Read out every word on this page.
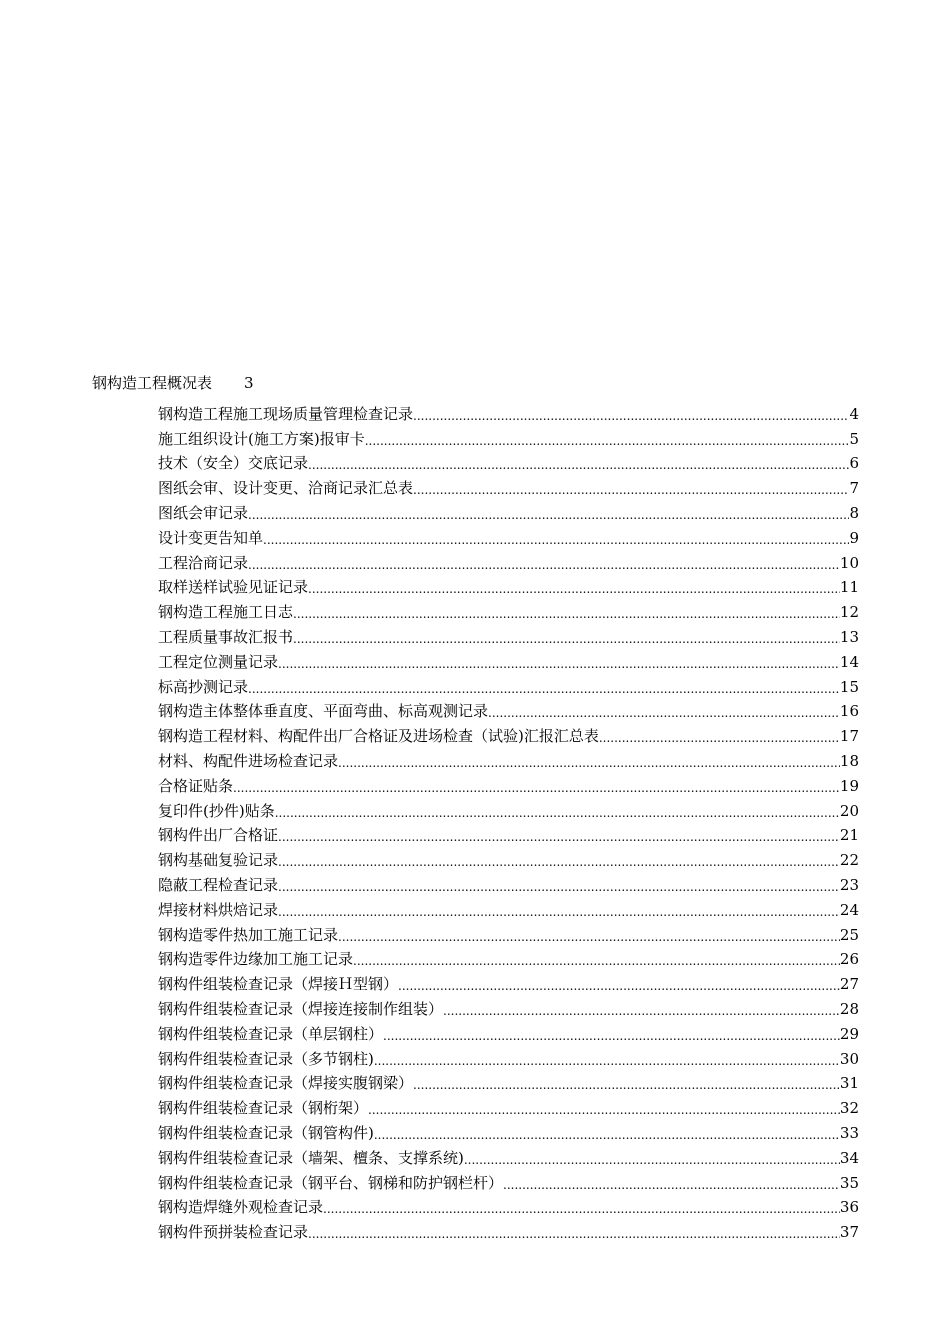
钢构造工程概况表 3
钢构造工程施工现场质量管理检查记录 .....	4
施工组织设计(施工方案)报审卡 .....	5
技术（安全）交底记录 .....	6
图纸会审、设计变更、洽商记录汇总表 .....	7
图纸会审记录 .....	8
设计变更告知单 .....	9
工程洽商记录 .....	10
取样送样试验见证记录 .....	11
钢构造工程施工日志 .....	12
工程质量事故汇报书 .....	13
工程定位测量记录 .....	14
标高抄测记录 .....	15
钢构造主体整体垂直度、平面弯曲、标高观测记录 .....	16
钢构造工程材料、构配件出厂合格证及进场检查（试验)汇报汇总表 .....	17
材料、构配件进场检查记录 .....	18
合格证贴条 .....	19
复印件(抄件)贴条 .....	20
钢构件出厂合格证 .....	21
钢构基础复验记录 .....	22
隐蔽工程检查记录 .....	23
焊接材料烘焙记录 .....	24
钢构造零件热加工施工记录 .....	25
钢构造零件边缘加工施工记录 .....	26
钢构件组装检查记录（焊接Ｈ型钢） .....	27
钢构件组装检查记录（焊接连接制作组装） .....	28
钢构件组装检查记录（单层钢柱） .....	29
钢构件组装检查记录（多节钢柱) .....	30
钢构件组装检查记录（焊接实腹钢梁） .....	31
钢构件组装检查记录（钢桁架） .....	32
钢构件组装检查记录（钢管构件) .....	33
钢构件组装检查记录（墙架、檀条、支撑系统) .....	34
钢构件组装检查记录（钢平台、钢梯和防护钢栏杆） .....	35
钢构造焊缝外观检查记录 .....	36
钢构件预拼装检查记录 .....	37
